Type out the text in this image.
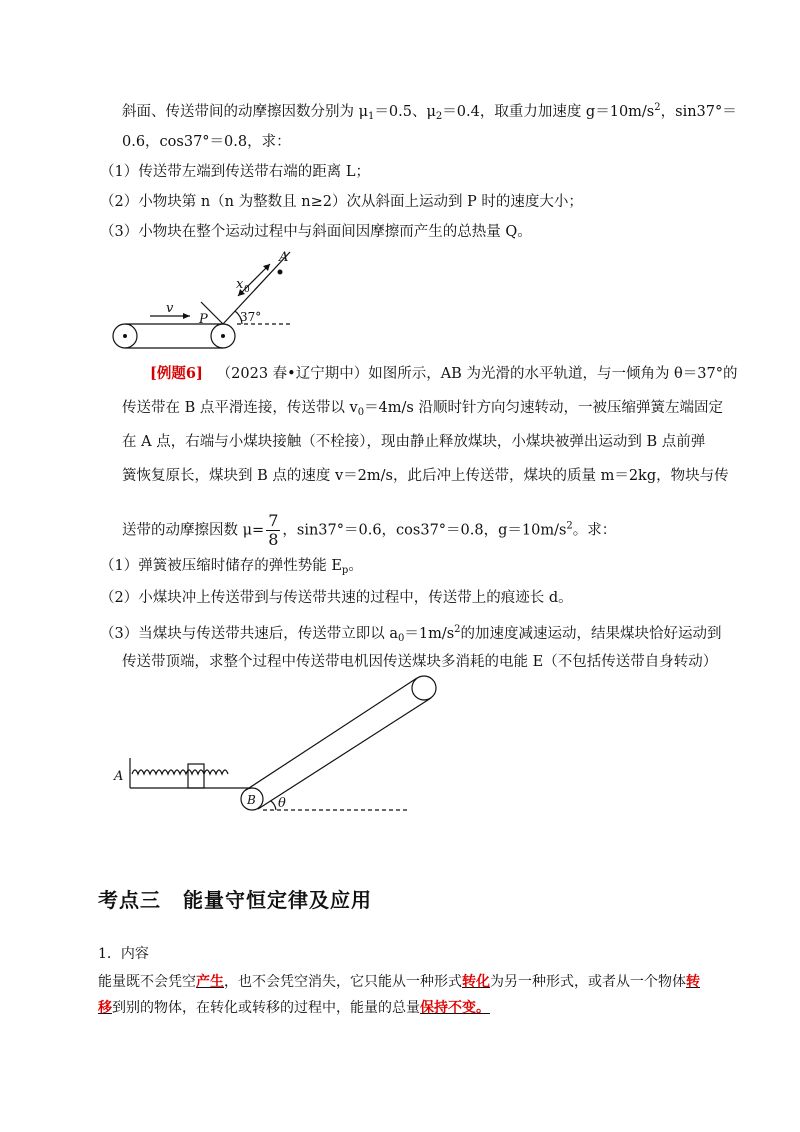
斜面、传送带间的动摩擦因数分别为 $\mu_1=0.5$、$\mu_2=0.4$，取重力加速度 $g=10m/s^2$，sin37°＝
0.6，cos37°＝0.8，求：
（1）传送带左端到传送带右端的距离 L；
（2）小物块第 n（n 为整数且 n≥2）次从斜面上运动到 P 时的速度大小；
（3）小物块在整个运动过程中与斜面间因摩擦而产生的总热量 Q。
A
x 0
v
P	37°
[例题6] （2023 春•辽宁期中）如图所示，AB 为光滑的水平轨道，与一倾角为 θ＝37°的
传送带在 B 点平滑连接，传送带以 $v_0=4m/s$ 沿顺时针方向匀速转动，一被压缩弹簧左端固定
在 A 点，右端与小煤块接触（不栓接），现由静止释放煤块，小煤块被弹出运动到 B 点前弹
簧恢复原长，煤块到 B 点的速度 v＝2m/s，此后冲上传送带，煤块的质量 m＝2kg，物块与传
送带的动摩擦因数 $\mu= \frac{7}{8}$ ，sin37°＝0.6，cos37°＝0.8，$g=10m/s^2$。求：
（1）弹簧被压缩时储存的弹性势能 $E_p$。
（2）小煤块冲上传送带到与传送带共速的过程中，传送带上的痕迹长 d。
（3）当煤块与传送带共速后，传送带立即以 $a_0=1m/s^2$的加速度减速运动，结果煤块恰好运动到
传送带顶端，求整个过程中传送带电机因传送煤块多消耗的电能 E（不包括传送带自身转动）
A
B θ
考点三 能量守恒定律及应用
1．内容
能量既不会凭空产生，也不会凭空消失，它只能从一种形式转化为另一种形式，或者从一个物体转
移到别的物体，在转化或转移的过程中，能量的总量保持不变。
